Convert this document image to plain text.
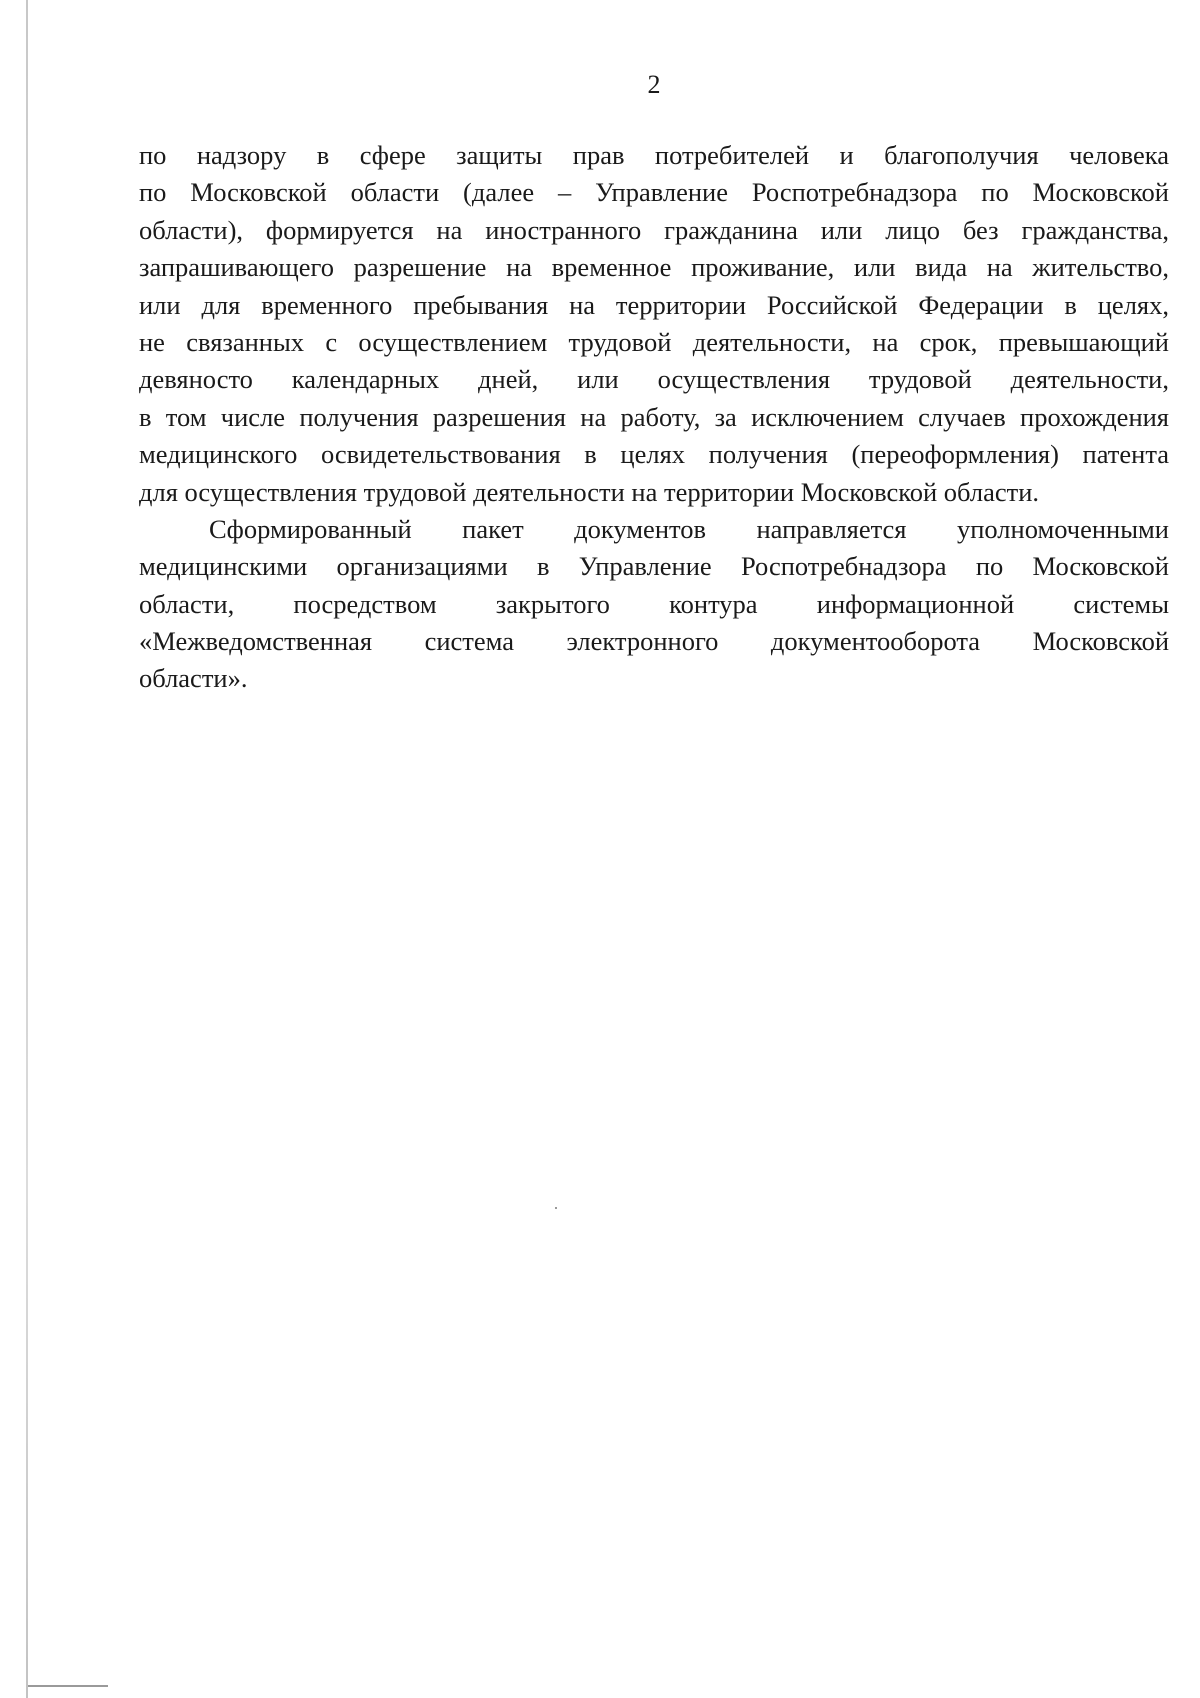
2

по надзору в сфере защиты прав потребителей и благополучия человека
по Московской области (далее – Управление Роспотребнадзора по Московской
области), формируется на иностранного гражданина или лицо без гражданства,
запрашивающего разрешение на временное проживание, или вида на жительство,
или для временного пребывания на территории Российской Федерации в целях,
не связанных с осуществлением трудовой деятельности, на срок, превышающий
девяносто календарных дней, или осуществления трудовой деятельности,
в том числе получения разрешения на работу, за исключением случаев прохождения
медицинского освидетельствования в целях получения (переоформления) патента
для осуществления трудовой деятельности на территории Московской области.

Сформированный пакет документов направляется уполномоченными
медицинскими организациями в Управление Роспотребнадзора по Московской
области, посредством закрытого контура информационной системы
«Межведомственная система электронного документооборота Московской
области».
